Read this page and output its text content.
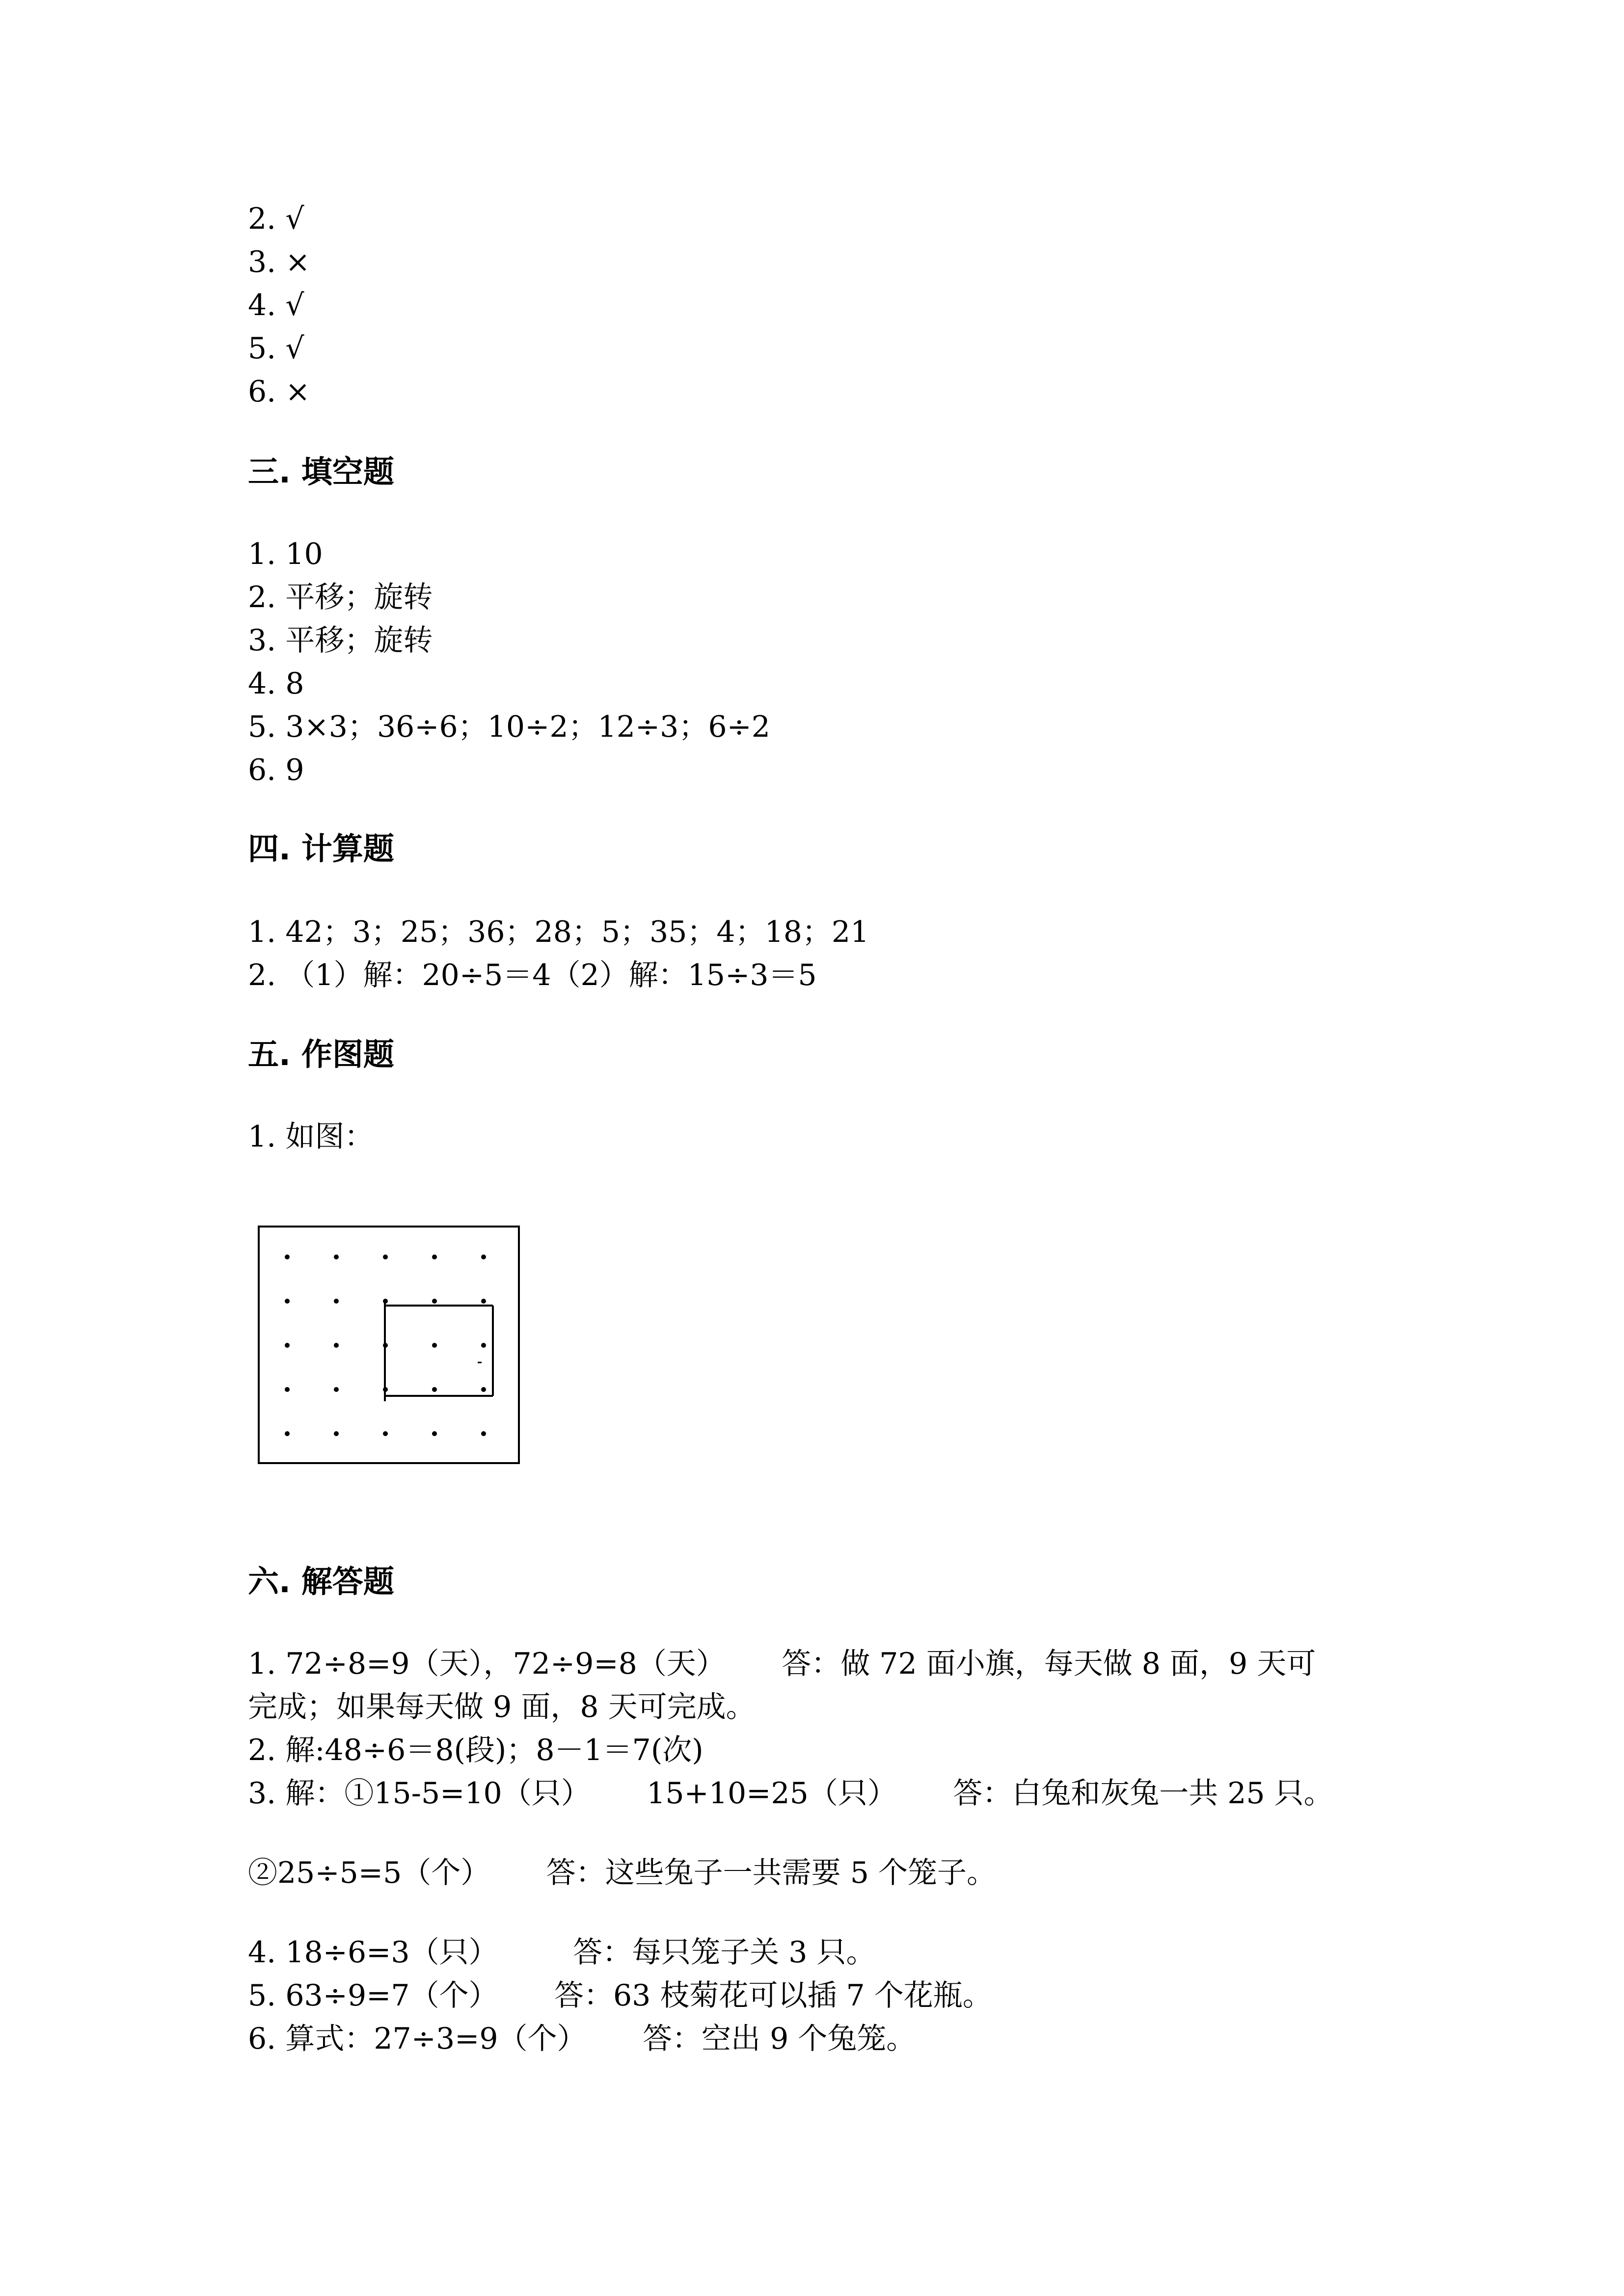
2. √
3. ×
4. √
5. √
6. ×
三. 填空题
1. 10
2. 平移；旋转
3. 平移；旋转
4. 8
5. 3×3；36÷6；10÷2；12÷3；6÷2
6. 9
四. 计算题
1. 42；3；25；36；28；5；35；4；18；21
2. （1）解：20÷5＝4（2）解：15÷3＝5
五. 作图题
1. 如图：
六. 解答题
1. 72÷8=9（天），72÷9=8（天）      答：做 72 面小旗，每天做 8 面，9 天可
完成；如果每天做 9 面，8 天可完成。
2. 解:48÷6＝8(段)；8－1＝7(次)
3. 解：①15-5=10（只）      15+10=25（只）      答：白兔和灰兔一共 25 只。
②25÷5=5（个）      答：这些兔子一共需要 5 个笼子。
4. 18÷6=3（只）        答：每只笼子关 3 只。
5. 63÷9=7（个）      答：63 枝菊花可以插 7 个花瓶。
6. 算式：27÷3=9（个）      答：空出 9 个兔笼。
